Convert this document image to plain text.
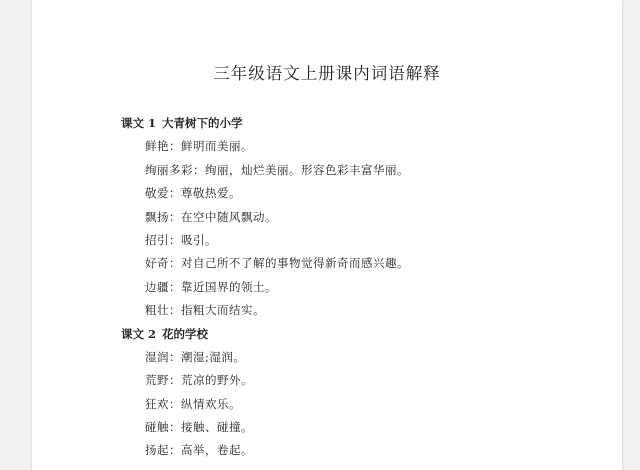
三年级语文上册课内词语解释
课文 1 大青树下的小学
鲜艳：鲜明而美丽。
绚丽多彩：绚丽，灿烂美丽。形容色彩丰富华丽。
敬爱：尊敬热爱。
飘扬：在空中随风飘动。
招引：吸引。
好奇：对自己所不了解的事物觉得新奇而感兴趣。
边疆：靠近国界的领土。
粗壮：指粗大而结实。
课文 2 花的学校
湿润：潮湿;湿润。
荒野：荒凉的野外。
狂欢：纵情欢乐。
碰触：接触、碰撞。
扬起：高举，卷起。
